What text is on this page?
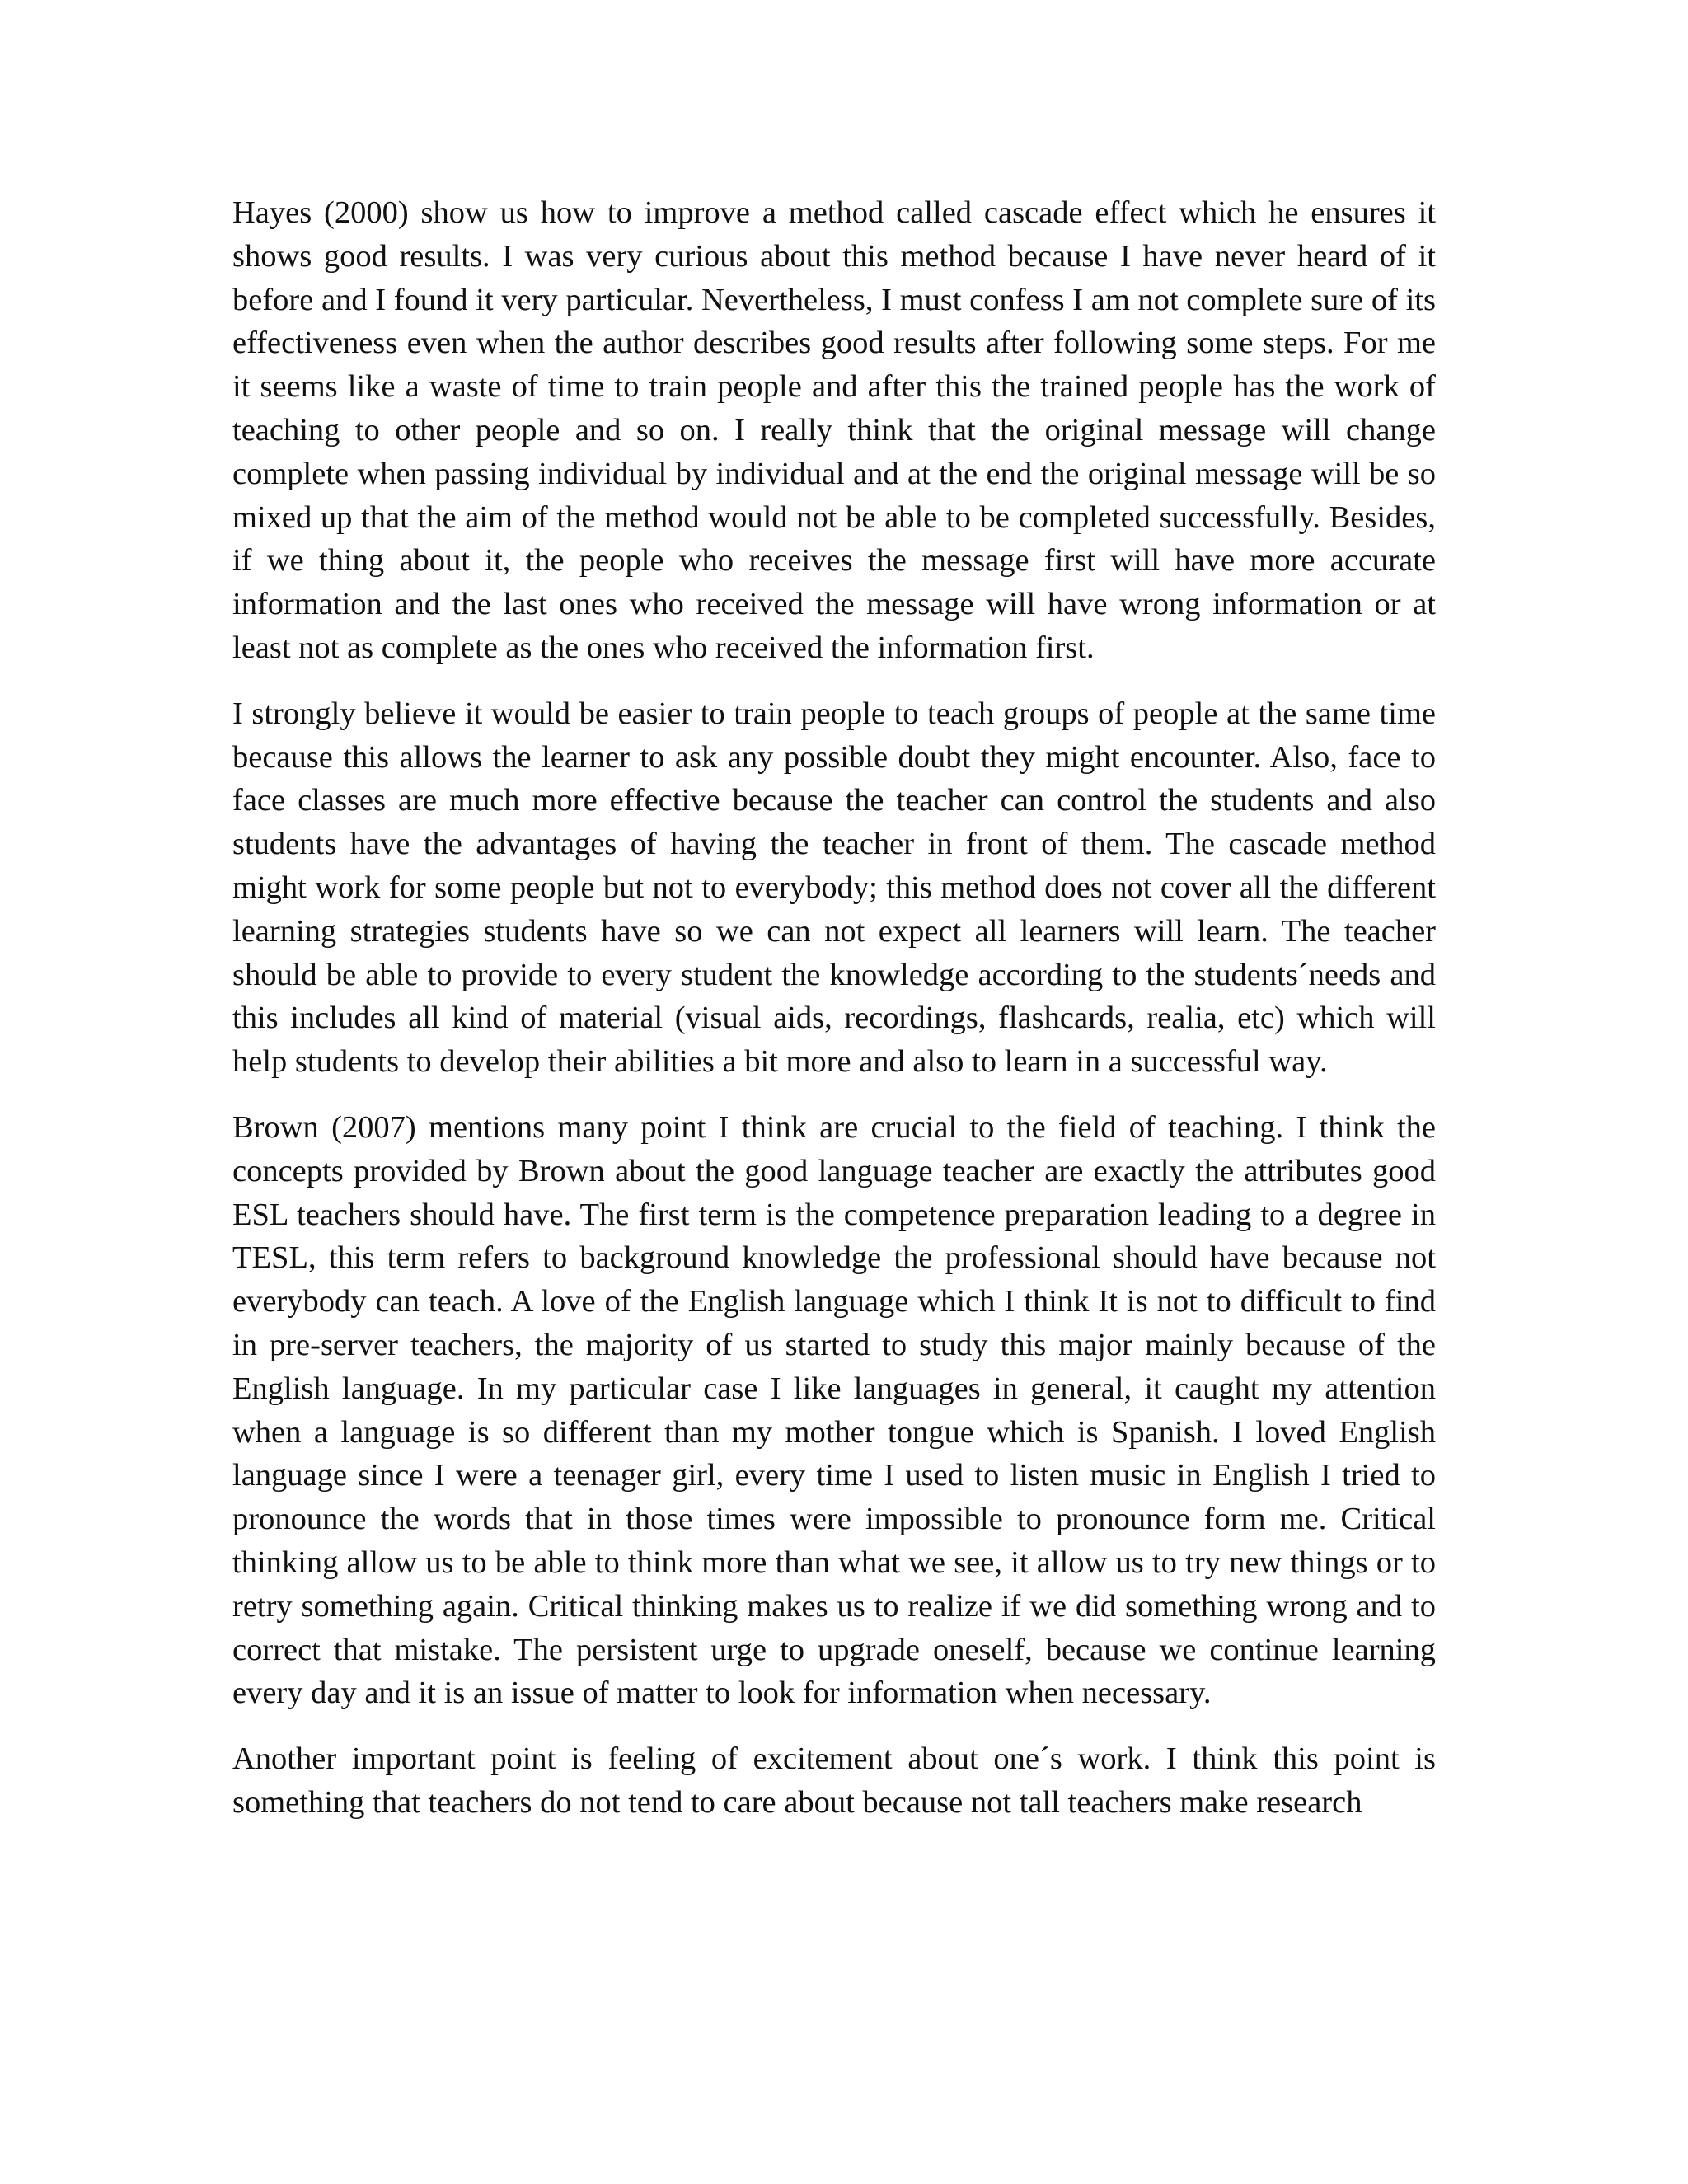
Hayes (2000) show us how to improve a method called cascade effect which he ensures it shows good results. I was very curious about this method because I have never heard of it before and I found it very particular. Nevertheless, I must confess I am not complete sure of its effectiveness even when the author describes good results after following some steps. For me it seems like a waste of time to train people and after this the trained people has the work of teaching to other people and so on. I really think that the original message will change complete when passing individual by individual and at the end the original message will be so mixed up that the aim of the method would not be able to be completed successfully. Besides, if we thing about it, the people who receives the message first will have more accurate information and the last ones who received the message will have wrong information or at least not as complete as the ones who received the information first.

I strongly believe it would be easier to train people to teach groups of people at the same time because this allows the learner to ask any possible doubt they might encounter. Also, face to face classes are much more effective because the teacher can control the students and also students have the advantages of having the teacher in front of them. The cascade method might work for some people but not to everybody; this method does not cover all the different learning strategies students have so we can not expect all learners will learn. The teacher should be able to provide to every student the knowledge according to the students´needs and this includes all kind of material (visual aids, recordings, flashcards, realia, etc) which will help students to develop their abilities a bit more and also to learn in a successful way.

Brown (2007) mentions many point I think are crucial to the field of teaching. I think the concepts provided by Brown about the good language teacher are exactly the attributes good ESL teachers should have. The first term is the competence preparation leading to a degree in TESL, this term refers to background knowledge the professional should have because not everybody can teach. A love of the English language which I think It is not to difficult to find in pre-server teachers, the majority of us started to study this major mainly because of the English language. In my particular case I like languages in general, it caught my attention when a language is so different than my mother tongue which is Spanish. I loved English language since I were a teenager girl, every time I used to listen music in English I tried to pronounce the words that in those times were impossible to pronounce form me. Critical thinking allow us to be able to think more than what we see, it allow us to try new things or to retry something again. Critical thinking makes us to realize if we did something wrong and to correct that mistake. The persistent urge to upgrade oneself, because we continue learning every day and it is an issue of matter to look for information when necessary.

Another important point is feeling of excitement about one´s work. I think this point is something that teachers do not tend to care about because not tall teachers make research
